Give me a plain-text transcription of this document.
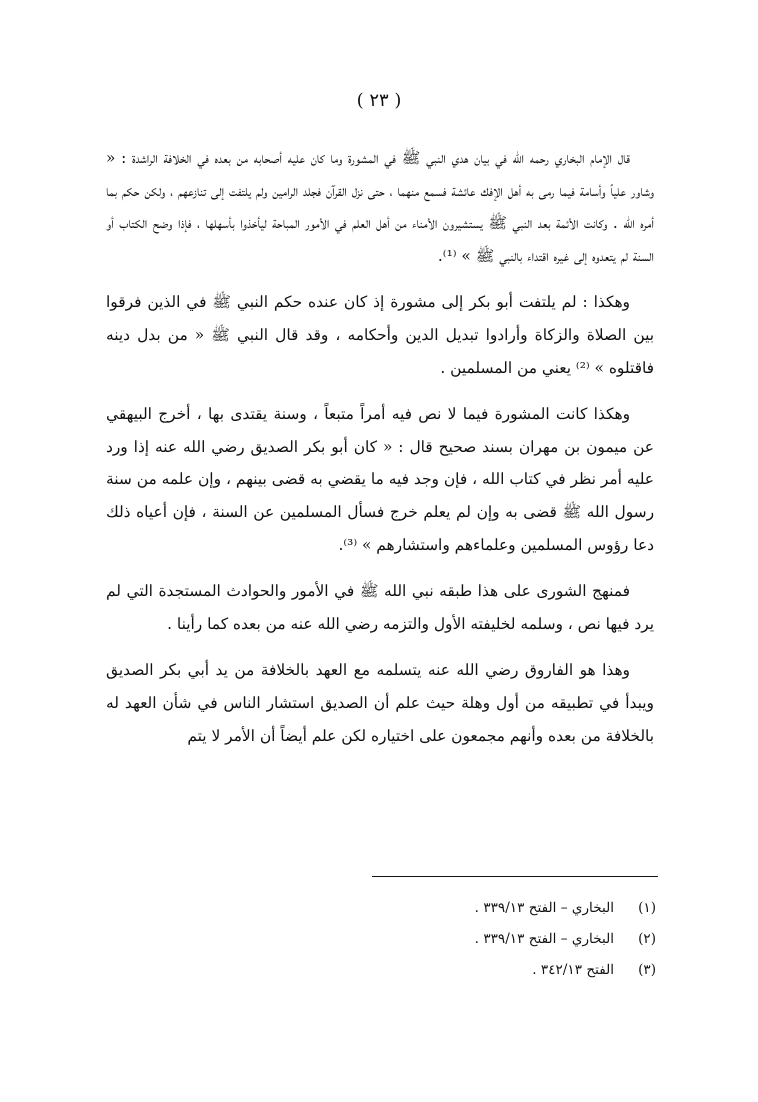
( ٢٣ )

قال الإمام البخاري رحمه الله في بيان هدي النبي ﷺ في المشورة وما كان عليه أصحابه من بعده في الخلافة الراشدة : « وشاور علياً وأسامة فيما رمى به أهل الإفك عائشة فسمع منهما ، حتى نزل القرآن فجلد الرامين ولم يلتفت إلى تنازعهم ، ولكن حكم بما أمره الله . وكانت الأئمة بعد النبي ﷺ يستشيرون الأمناء من أهل العلم في الأمور المباحة ليأخذوا بأسهلها ، فإذا وضح الكتاب أو السنة لم يتعدوه إلى غيره اقتداء بالنبي ﷺ » ⁽¹⁾.

وهكذا : لم يلتفت أبو بكر إلى مشورة إذ كان عنده حكم النبي ﷺ في الذين فرقوا بين الصلاة والزكاة وأرادوا تبديل الدين وأحكامه ، وقد قال النبي ﷺ « من بدل دينه فاقتلوه » ⁽²⁾ يعني من المسلمين .

وهكذا كانت المشورة فيما لا نص فيه أمراً متبعاً ، وسنة يقتدى بها ، أخرج البيهقي عن ميمون بن مهران بسند صحيح قال : « كان أبو بكر الصديق رضي الله عنه إذا ورد عليه أمر نظر في كتاب الله ، فإن وجد فيه ما يقضي به قضى بينهم ، وإن علمه من سنة رسول الله ﷺ قضى به وإن لم يعلم خرج فسأل المسلمين عن السنة ، فإن أعياه ذلك دعا رؤوس المسلمين وعلماءهم واستشارهم » ⁽³⁾.

فمنهج الشورى على هذا طبقه نبي الله ﷺ في الأمور والحوادث المستجدة التي لم يرد فيها نص ، وسلمه لخليفته الأول والتزمه رضي الله عنه من بعده كما رأينا .

وهذا هو الفاروق رضي الله عنه يتسلمه مع العهد بالخلافة من يد أبي بكر الصديق ويبدأ في تطبيقه من أول وهلة حيث علم أن الصديق استشار الناس في شأن العهد له بالخلافة من بعده وأنهم مجمعون على اختياره لكن علم أيضاً أن الأمر لا يتم

(١)البخاري – الفتح ٣٣٩/١٣ .
(٢)البخاري – الفتح ٣٣٩/١٣ .
(٣)الفتح ٣٤٢/١٣ .
